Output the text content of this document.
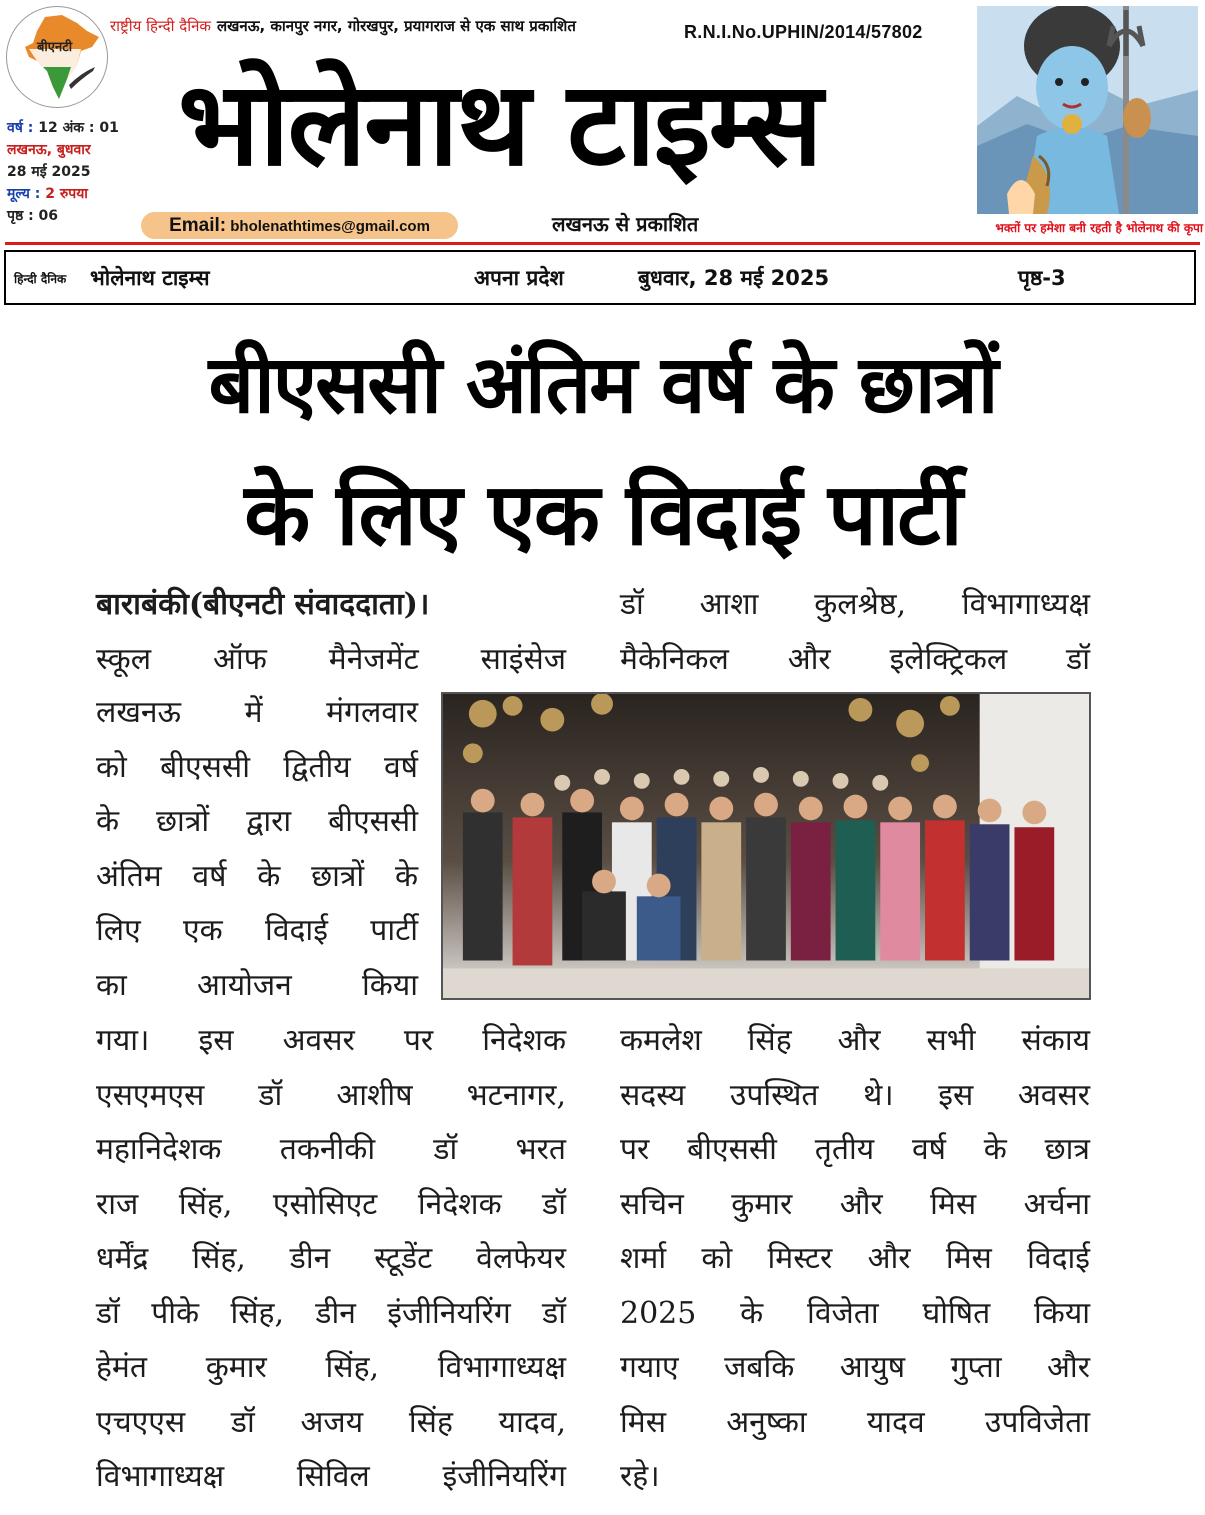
बीएनटी
वर्ष : 12 अंक : 01
लखनऊ, बुधवार
28 मई 2025
मूल्य : 2 रुपया
पृष्ठ : 06
राष्ट्रीय हिन्दी दैनिक लखनऊ, कानपुर नगर, गोरखपुर, प्रयागराज से एक साथ प्रकाशित	R.N.I.No.UPHIN/2014/57802
भोलेनाथ टाइम्स
Email: bholenathtimes@gmail.com	लखनऊ से प्रकाशित	भक्तों पर हमेशा बनी रहती है भोलेनाथ की कृपा
हिन्दी दैनिक भोलेनाथ टाइम्स	अपना प्रदेश	बुधवार, 28 मई 2025	पृष्ठ-3
बीएससी अंतिम वर्ष के छात्रों
के लिए एक विदाई पार्टी
बाराबंकी(बीएनटी संवाददाता)।
स्कूल ऑफ मैनेजमेंट साइंसेज
लखनऊ में मंगलवार
को बीएससी द्वितीय वर्ष
के छात्रों द्वारा बीएससी
अंतिम वर्ष के छात्रों के
लिए एक विदाई पार्टी
का आयोजन किया
गया। इस अवसर पर निदेशक
एसएमएस डॉ आशीष भटनागर,
महानिदेशक तकनीकी डॉ भरत
राज सिंह, एसोसिएट निदेशक डॉ
धर्मेंद्र सिंह, डीन स्टूडेंट वेलफेयर
डॉ पीके सिंह, डीन इंजीनियरिंग डॉ
हेमंत कुमार सिंह, विभागाध्यक्ष
एचएएस डॉ अजय सिंह यादव,
विभागाध्यक्ष सिविल इंजीनियरिंग
डॉ आशा कुलश्रेष्ठ, विभागाध्यक्ष
मैकेनिकल और इलेक्ट्रिकल डॉ
कमलेश सिंह और सभी संकाय
सदस्य उपस्थित थे। इस अवसर
पर बीएससी तृतीय वर्ष के छात्र
सचिन कुमार और मिस अर्चना
शर्मा को मिस्टर और मिस विदाई
2025 के विजेता घोषित किया
गयाए जबकि आयुष गुप्ता और
मिस अनुष्का यादव उपविजेता
रहे।
